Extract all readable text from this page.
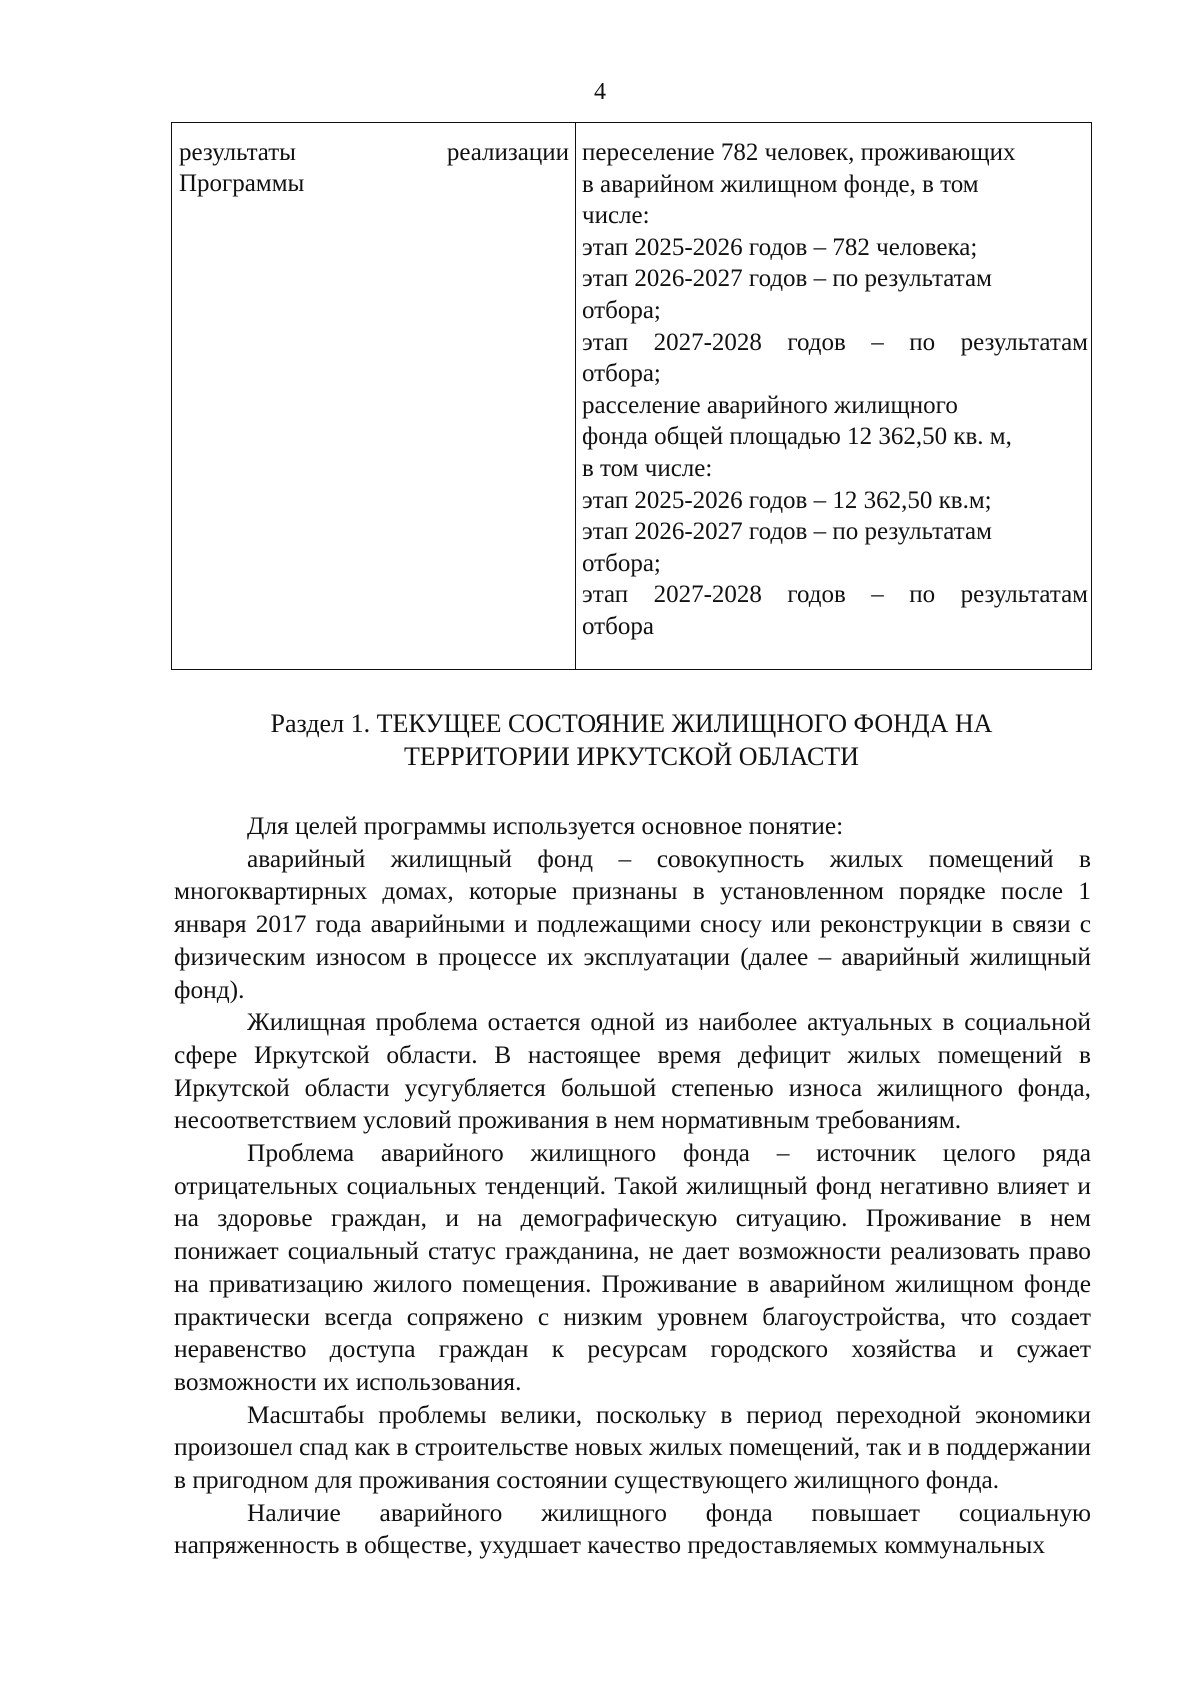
4
результаты	реализации
Программы
переселение 782 человек, проживающих
в аварийном жилищном фонде, в том
числе:
этап 2025-2026 годов – 782 человека;
этап 2026-2027 годов – по результатам
отбора;
этап 2027-2028 годов – по результатам
отбора;
расселение аварийного жилищного
фонда общей площадью 12 362,50 кв. м,
в том числе:
этап 2025-2026 годов – 12 362,50 кв.м;
этап 2026-2027 годов – по результатам
отбора;
этап 2027-2028 годов – по результатам
отбора
Раздел 1. ТЕКУЩЕЕ СОСТОЯНИЕ ЖИЛИЩНОГО ФОНДА НА
ТЕРРИТОРИИ ИРКУТСКОЙ ОБЛАСТИ

Для целей программы используется основное понятие:

аварийный жилищный фонд – совокупность жилых помещений в многоквартирных домах, которые признаны в установленном порядке после 1 января 2017 года аварийными и подлежащими сносу или реконструкции в связи с физическим износом в процессе их эксплуатации (далее – аварийный жилищный фонд).

Жилищная проблема остается одной из наиболее актуальных в социальной сфере Иркутской области. В настоящее время дефицит жилых помещений в Иркутской области усугубляется большой степенью износа жилищного фонда, несоответствием условий проживания в нем нормативным требованиям.

Проблема аварийного жилищного фонда – источник целого ряда отрицательных социальных тенденций. Такой жилищный фонд негативно влияет и на здоровье граждан, и на демографическую ситуацию. Проживание в нем понижает социальный статус гражданина, не дает возможности реализовать право на приватизацию жилого помещения. Проживание в аварийном жилищном фонде практически всегда сопряжено с низким уровнем благоустройства, что создает неравенство доступа граждан к ресурсам городского хозяйства и сужает возможности их использования.

Масштабы проблемы велики, поскольку в период переходной экономики произошел спад как в строительстве новых жилых помещений, так и в поддержании в пригодном для проживания состоянии существующего жилищного фонда.

Наличие аварийного жилищного фонда повышает социальную напряженность в обществе, ухудшает качество предоставляемых коммунальных
